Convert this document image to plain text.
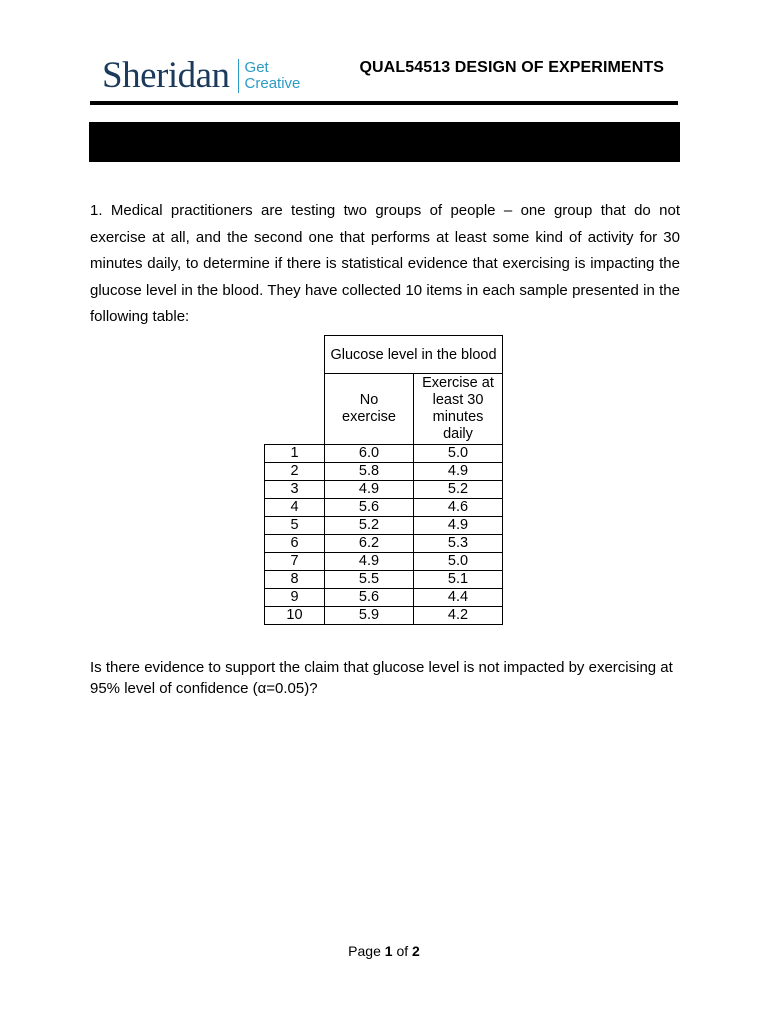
Sheridan Get
Creative
QUAL54513 DESIGN OF EXPERIMENTS
1. Medical practitioners are testing two groups of people – one group that do not exercise at all, and the second one that performs at least some kind of activity for 30 minutes daily, to determine if there is statistical evidence that exercising is impacting the glucose level in the blood. They have collected 10 items in each sample presented in the following table:
	Glucose level in the blood	

	No exercise	Exercise at least 30 minutes daily

1	6.0	5.0
2	5.8	4.9
3	4.9	5.2
4	5.6	4.6
5	5.2	4.9
6	6.2	5.3
7	4.9	5.0
8	5.5	5.1
9	5.6	4.4
10	5.9	4.2
Is there evidence to support the claim that glucose level is not impacted by exercising at 95% level of confidence (α=0.05)?
Page 1 of 2
